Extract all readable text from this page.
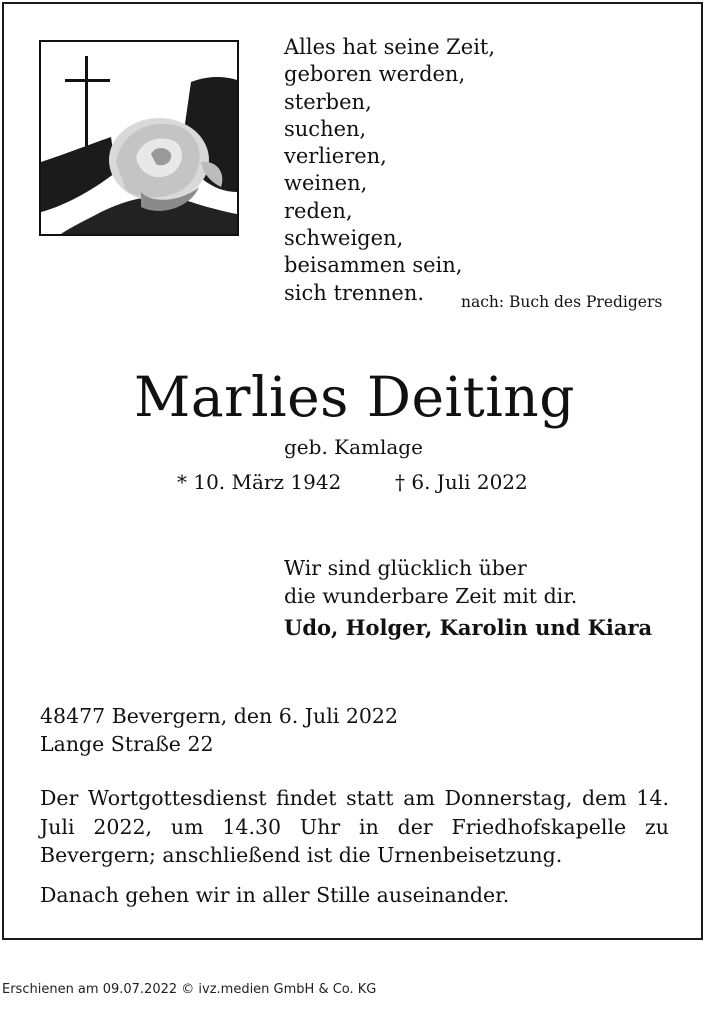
Alles hat seine Zeit,
geboren werden,
sterben,
suchen,
verlieren,
weinen,
reden,
schweigen,
beisammen sein,
sich trennen.	nach: Buch des Predigers
Marlies Deiting
geb. Kamlage
* 10. März 1942	† 6. Juli 2022
Wir sind glücklich über
die wunderbare Zeit mit dir.
Udo, Holger, Karolin und Kiara
48477 Bevergern, den 6. Juli 2022
Lange Straße 22

Der Wortgottesdienst findet statt am Donnerstag, dem 14. Juli 2022, um 14.30 Uhr in der Friedhofskapelle zu Bevergern; anschließend ist die Urnenbeisetzung.

Danach gehen wir in aller Stille auseinander.
Erschienen am 09.07.2022 © ivz.medien GmbH & Co. KG
